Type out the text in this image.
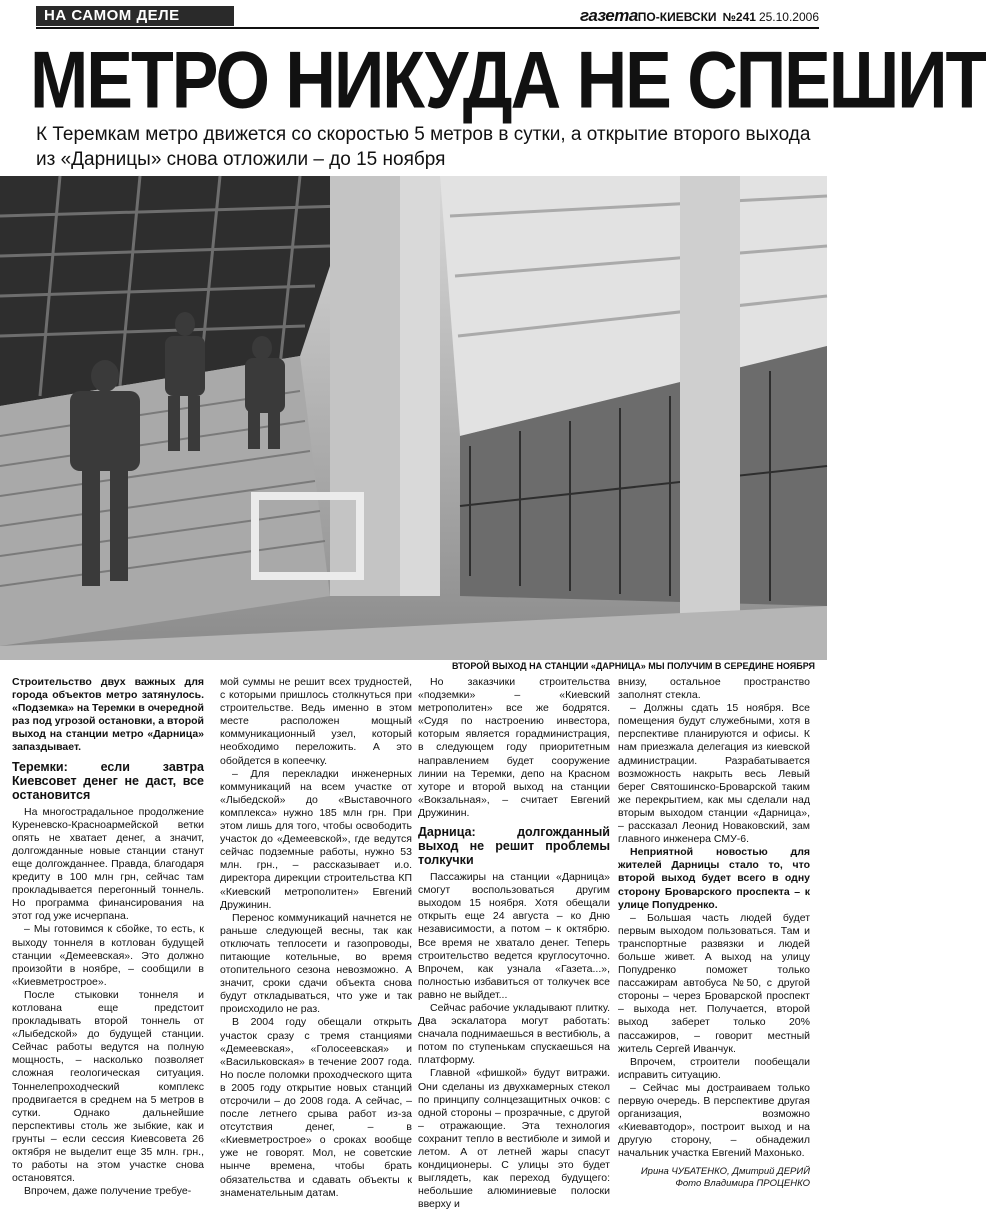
НА САМОМ ДЕЛЕ	газетаПО-КИЕВСКИ №241 25.10.2006
МЕТРО НИКУДА НЕ СПЕШИТ
К Теремкам метро движется со скоростью 5 метров в сутки, а открытие второго выхода из «Дарницы» снова отложили – до 15 ноября
ВТОРОЙ ВЫХОД НА СТАНЦИИ «ДАРНИЦА» МЫ ПОЛУЧИМ В СЕРЕДИНЕ НОЯБРЯ

Строительство двух важных для города объектов метро затянулось. «Подземка» на Теремки в очередной раз под угрозой остановки, а второй выход на станции метро «Дарница» запаздывает.

Теремки: если завтра Киевсовет денег не даст, все остановится

На многострадальное продолжение Куреневско-Красноармейской ветки опять не хватает денег, а значит, долгожданные новые станции станут еще долгожданнее. Правда, благодаря кредиту в 100 млн грн, сейчас там прокладывается перегонный тоннель. Но программа финансирования на этот год уже исчерпана.

– Мы готовимся к сбойке, то есть, к выходу тоннеля в котлован будущей станции «Демеевская». Это должно произойти в ноябре, – сообщили в «Киевметрострое».

После стыковки тоннеля и котлована еще предстоит прокладывать второй тоннель от «Лыбедской» до будущей станции. Сейчас работы ведутся на полную мощность, – насколько позволяет сложная геологическая ситуация. Тоннелепроходческий комплекс продвигается в среднем на 5 метров в сутки. Однако дальнейшие перспективы столь же зыбкие, как и грунты – если сессия Киевсовета 26 октября не выделит еще 35 млн. грн., то работы на этом участке снова остановятся.

Впрочем, даже получение требуе-

мой суммы не решит всех трудностей, с которыми пришлось столкнуться при строительстве. Ведь именно в этом месте расположен мощный коммуникационный узел, который необходимо переложить. А это обойдется в копеечку.

– Для перекладки инженерных коммуникаций на всем участке от «Лыбедской» до «Выставочного комплекса» нужно 185 млн грн. При этом лишь для того, чтобы освободить участок до «Демеевской», где ведутся сейчас подземные работы, нужно 53 млн. грн., – рассказывает и.о. директора дирекции строительства КП «Киевский метрополитен» Евгений Дружинин.

Перенос коммуникаций начнется не раньше следующей весны, так как отключать теплосети и газопроводы, питающие котельные, во время отопительного сезона невозможно. А значит, сроки сдачи объекта снова будут откладываться, что уже и так происходило не раз.

В 2004 году обещали открыть участок сразу с тремя станциями «Демеевская», «Голосеевская» и «Васильковская» в течение 2007 года. Но после поломки проходческого щита в 2005 году открытие новых станций отсрочили – до 2008 года. А сейчас, – после летнего срыва работ из-за отсутствия денег, – в «Киевметрострое» о сроках вообще уже не говорят. Мол, не советские нынче времена, чтобы брать обязательства и сдавать объекты к знаменательным датам.

Но заказчики строительства «подземки» – «Киевский метрополитен» все же бодрятся. «Судя по настроению инвестора, которым является горадминистрация, в следующем году приоритетным направлением будет сооружение линии на Теремки, депо на Красном хуторе и второй выход на станции «Вокзальная», – считает Евгений Дружинин.

Дарница: долгожданный выход не решит проблемы толкучки

Пассажиры на станции «Дарница» смогут воспользоваться другим выходом 15 ноября. Хотя обещали открыть еще 24 августа – ко Дню независимости, а потом – к октябрю. Все время не хватало денег. Теперь строительство ведется круглосуточно. Впрочем, как узнала «Газета...», полностью избавиться от толкучек все равно не выйдет...

Сейчас рабочие укладывают плитку. Два эскалатора могут работать: сначала поднимаешься в вестибюль, а потом по ступенькам спускаешься на платформу.

Главной «фишкой» будут витражи. Они сделаны из двухкамерных стекол по принципу солнцезащитных очков: с одной стороны – прозрачные, с другой – отражающие. Эта технология сохранит тепло в вестибюле и зимой и летом. А от летней жары спасут кондиционеры. С улицы это будет выглядеть, как переход будущего: небольшие алюминиевые полоски вверху и

внизу, остальное пространство заполнят стекла.

– Должны сдать 15 ноября. Все помещения будут служебными, хотя в перспективе планируются и офисы. К нам приезжала делегация из киевской администрации. Разрабатывается возможность накрыть весь Левый берег Святошинско-Броварской таким же перекрытием, как мы сделали над вторым выходом станции «Дарница», – рассказал Леонид Новаковский, зам главного инженера СМУ-6.

Неприятной новостью для жителей Дарницы стало то, что второй выход будет всего в одну сторону Броварского проспекта – к улице Попудренко.

– Большая часть людей будет первым выходом пользоваться. Там и транспортные развязки и людей больше живет. А выход на улицу Попудренко поможет только пассажирам автобуса №50, с другой стороны – через Броварской проспект – выхода нет. Получается, второй выход заберет только 20% пассажиров, – говорит местный житель Сергей Иванчук.

Впрочем, строители пообещали исправить ситуацию.

– Сейчас мы достраиваем только первую очередь. В перспективе другая организация, возможно «Киевавтодор», построит выход и на другую сторону, – обнадежил начальник участка Евгений Махонько.

Ирина ЧУБАТЕНКО, Дмитрий ДЕРИЙ
Фото Владимира ПРОЦЕНКО
